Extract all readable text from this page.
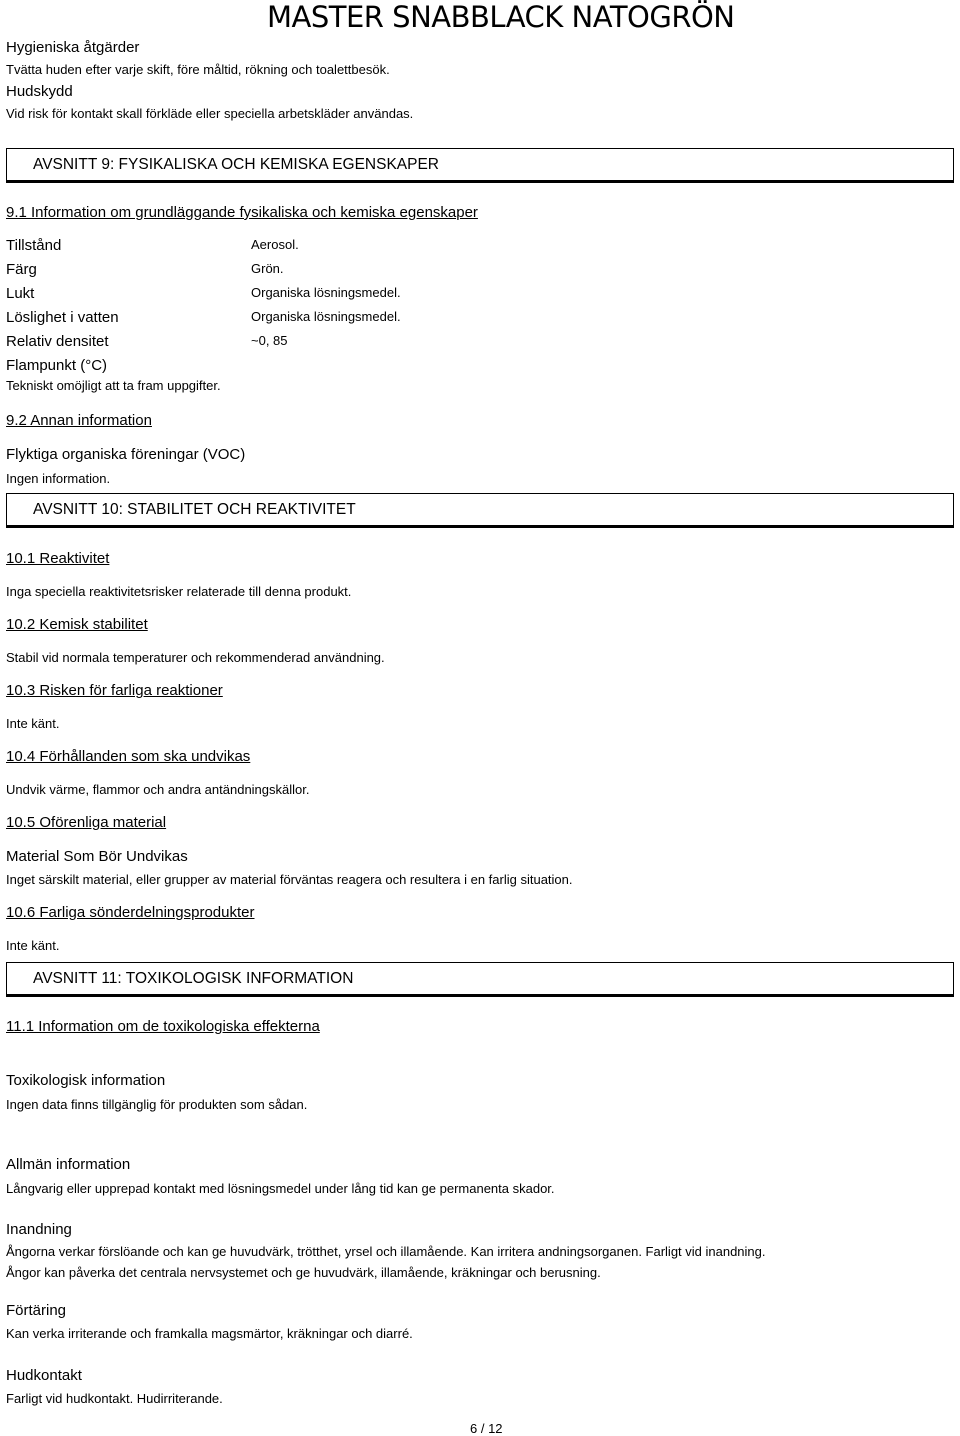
MASTER SNABBLACK NATOGRÖN
Hygieniska åtgärder
Tvätta huden efter varje skift, före måltid, rökning och toalettbesök.
Hudskydd
Vid risk för kontakt skall förkläde eller speciella arbetskläder användas.
AVSNITT 9: FYSIKALISKA OCH KEMISKA EGENSKAPER
9.1 Information om grundläggande fysikaliska och kemiska egenskaper
Tillstånd	Aerosol.
Färg	Grön.
Lukt	Organiska lösningsmedel.
Löslighet i vatten	Organiska lösningsmedel.
Relativ densitet	~0, 85
Flampunkt (°C)
Tekniskt omöjligt att ta fram uppgifter.
9.2 Annan information
Flyktiga organiska föreningar (VOC)
Ingen information.
AVSNITT 10: STABILITET OCH REAKTIVITET
10.1 Reaktivitet
Inga speciella reaktivitetsrisker relaterade till denna produkt.
10.2 Kemisk stabilitet
Stabil vid normala temperaturer och rekommenderad användning.
10.3 Risken för farliga reaktioner
Inte känt.
10.4 Förhållanden som ska undvikas
Undvik värme, flammor och andra antändningskällor.
10.5 Oförenliga material
Material Som Bör Undvikas
Inget särskilt material, eller grupper av material förväntas reagera och resultera i en farlig situation.
10.6 Farliga sönderdelningsprodukter
Inte känt.
AVSNITT 11: TOXIKOLOGISK INFORMATION
11.1 Information om de toxikologiska effekterna
Toxikologisk information
Ingen data finns tillgänglig för produkten som sådan.
Allmän information
Långvarig eller upprepad kontakt med lösningsmedel under lång tid kan ge permanenta skador.
Inandning
Ångorna verkar förslöande och kan ge huvudvärk, trötthet, yrsel och illamående. Kan irritera andningsorganen. Farligt vid inandning.
Ångor kan påverka det centrala nervsystemet och ge huvudvärk, illamående, kräkningar och berusning.
Förtäring
Kan verka irriterande och framkalla magsmärtor, kräkningar och diarré.
Hudkontakt
Farligt vid hudkontakt. Hudirriterande.
6 / 12
